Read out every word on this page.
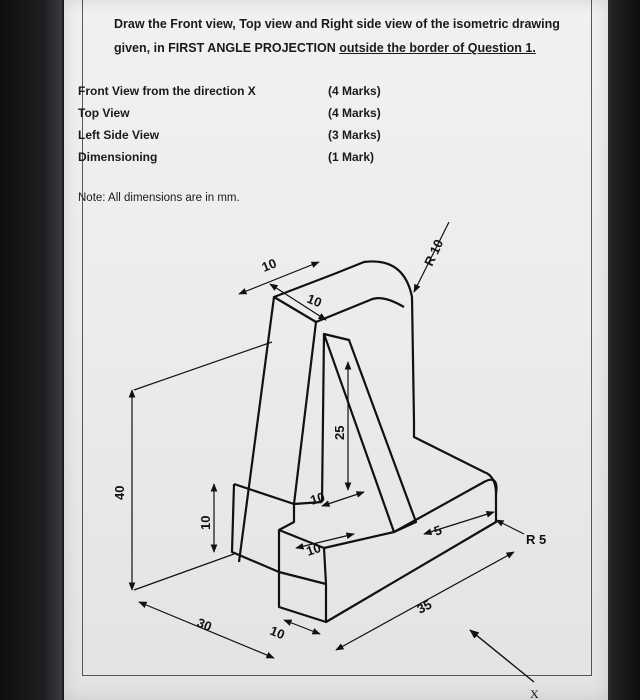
Draw the Front view, Top view and Right side view of the isometric drawing
given, in FIRST ANGLE PROJECTION outside the border of Question 1.
Front View from the direction X	(4 Marks)
Top View	(4 Marks)
Left Side View	(3 Marks)
Dimensioning	(1 Mark)
Note: All dimensions are in mm.
10
10
R 10
40
25
10
10
10	5
R 5
30	10
35
X
